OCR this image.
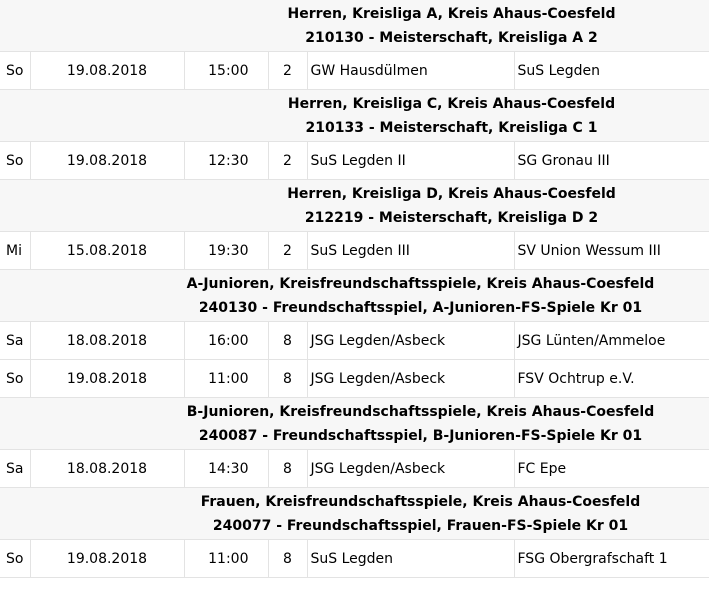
Herren, Kreisliga A, Kreis Ahaus-Coesfeld
210130 - Meisterschaft, Kreisliga A 2					

So	19.08.2018	15:00	2	GW Hausdülmen	SuS Legden

Herren, Kreisliga C, Kreis Ahaus-Coesfeld
210133 - Meisterschaft, Kreisliga C 1					

So	19.08.2018	12:30	2	SuS Legden II	SG Gronau III

Herren, Kreisliga D, Kreis Ahaus-Coesfeld
212219 - Meisterschaft, Kreisliga D 2					

Mi	15.08.2018	19:30	2	SuS Legden III	SV Union Wessum III

A-Junioren, Kreisfreundschaftsspiele, Kreis Ahaus-Coesfeld
240130 - Freundschaftsspiel, A-Junioren-FS-Spiele Kr 01					

Sa	18.08.2018	16:00	8	JSG Legden/Asbeck	JSG Lünten/Ammeloe
So	19.08.2018	11:00	8	JSG Legden/Asbeck	FSV Ochtrup e.V.

B-Junioren, Kreisfreundschaftsspiele, Kreis Ahaus-Coesfeld
240087 - Freundschaftsspiel, B-Junioren-FS-Spiele Kr 01					

Sa	18.08.2018	14:30	8	JSG Legden/Asbeck	FC Epe

Frauen, Kreisfreundschaftsspiele, Kreis Ahaus-Coesfeld
240077 - Freundschaftsspiel, Frauen-FS-Spiele Kr 01					

So	19.08.2018	11:00	8	SuS Legden	FSG Obergrafschaft 1
